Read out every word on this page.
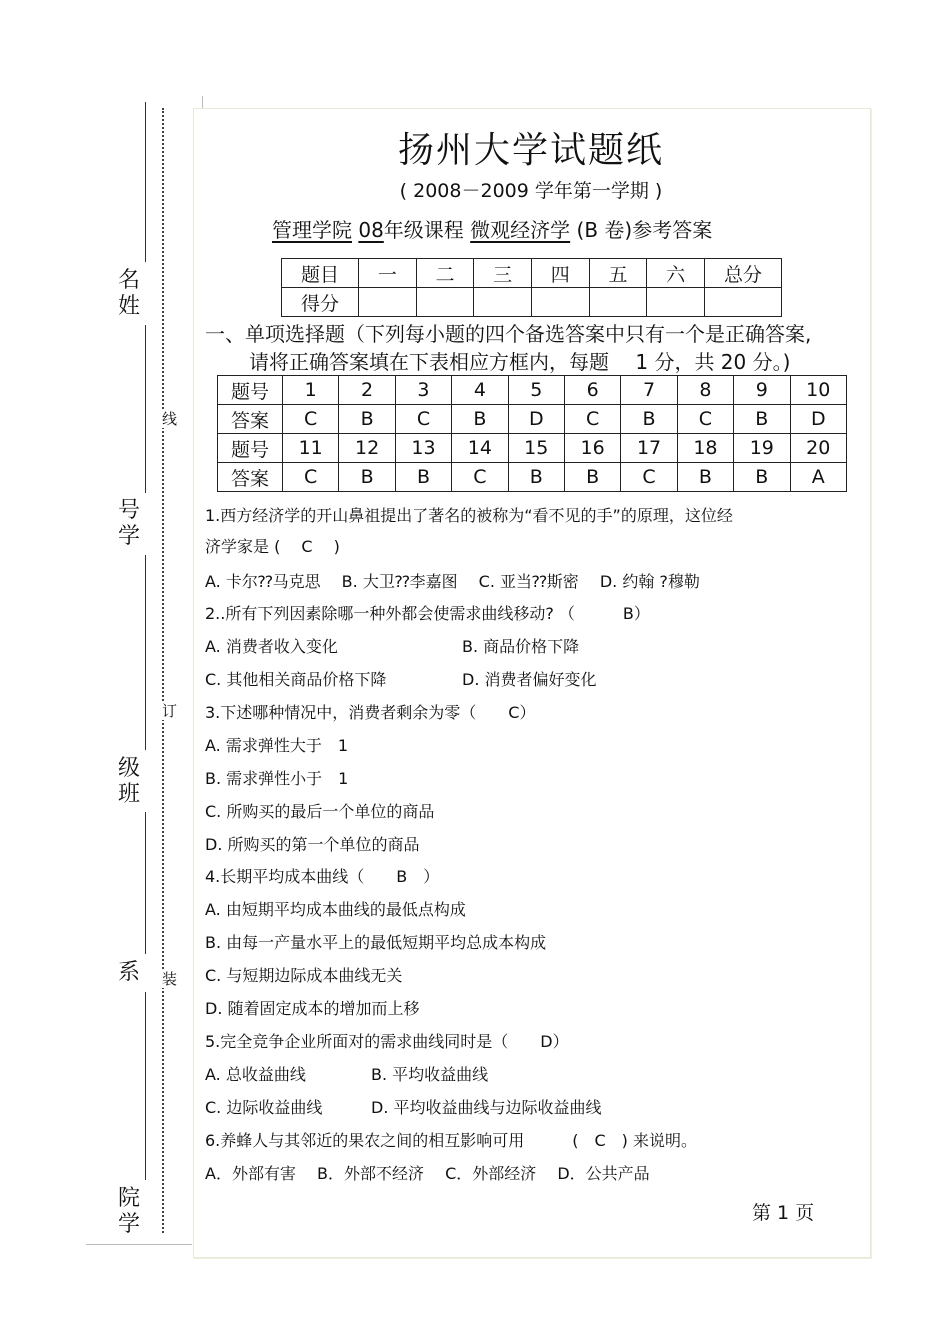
名
姓
号
学
级
班
系
院
学
线
订
装
扬州大学试题纸
( 2008－2009 学年第一学期 )
管理学院 08年级课程 微观经济学 (B 卷)参考答案
题目	一	二	三	四	五	六	总分
得分							
一、单项选择题（下列每小题的四个备选答案中只有一个是正确答案,
请将正确答案填在下表相应方框内，每题　 1 分，共 20 分。)
题号	1	2	3	4	5	6	7	8	9	10
答案	C	B	C	B	D	C	B	C	B	D
题号	11	12	13	14	15	16	17	18	19	20
答案	C	B	B	C	B	B	C	B	B	A
1.西方经济学的开山鼻祖提出了著名的被称为“看不见的手”的原理，这位经
济学家是 (　 C　 )
A. 卡尔⁇马克思　 B. 大卫⁇李嘉图　 C. 亚当⁇斯密　 D. 约翰 ?穆勒
2..所有下列因素除哪一种外都会使需求曲线移动? （　　　B）
A. 消费者收入变化	B. 商品价格下降
C. 其他相关商品价格下降	D. 消费者偏好变化
3.下述哪种情况中，消费者剩余为零（　　C）
A. 需求弹性大于　1
B. 需求弹性小于　1
C. 所购买的最后一个单位的商品
D. 所购买的第一个单位的商品
4.长期平均成本曲线（　　B　）
A. 由短期平均成本曲线的最低点构成
B. 由每一产量水平上的最低短期平均总成本构成
C. 与短期边际成本曲线无关
D. 随着固定成本的增加而上移
5.完全竞争企业所面对的需求曲线同时是（　　D）
A. 总收益曲线	B. 平均收益曲线
C. 边际收益曲线	D. 平均收益曲线与边际收益曲线
6.养蜂人与其邻近的果农之间的相互影响可用　　　(　C　) 来说明。
A．外部有害　 B．外部不经济　 C．外部经济　 D．公共产品
第 1 页
